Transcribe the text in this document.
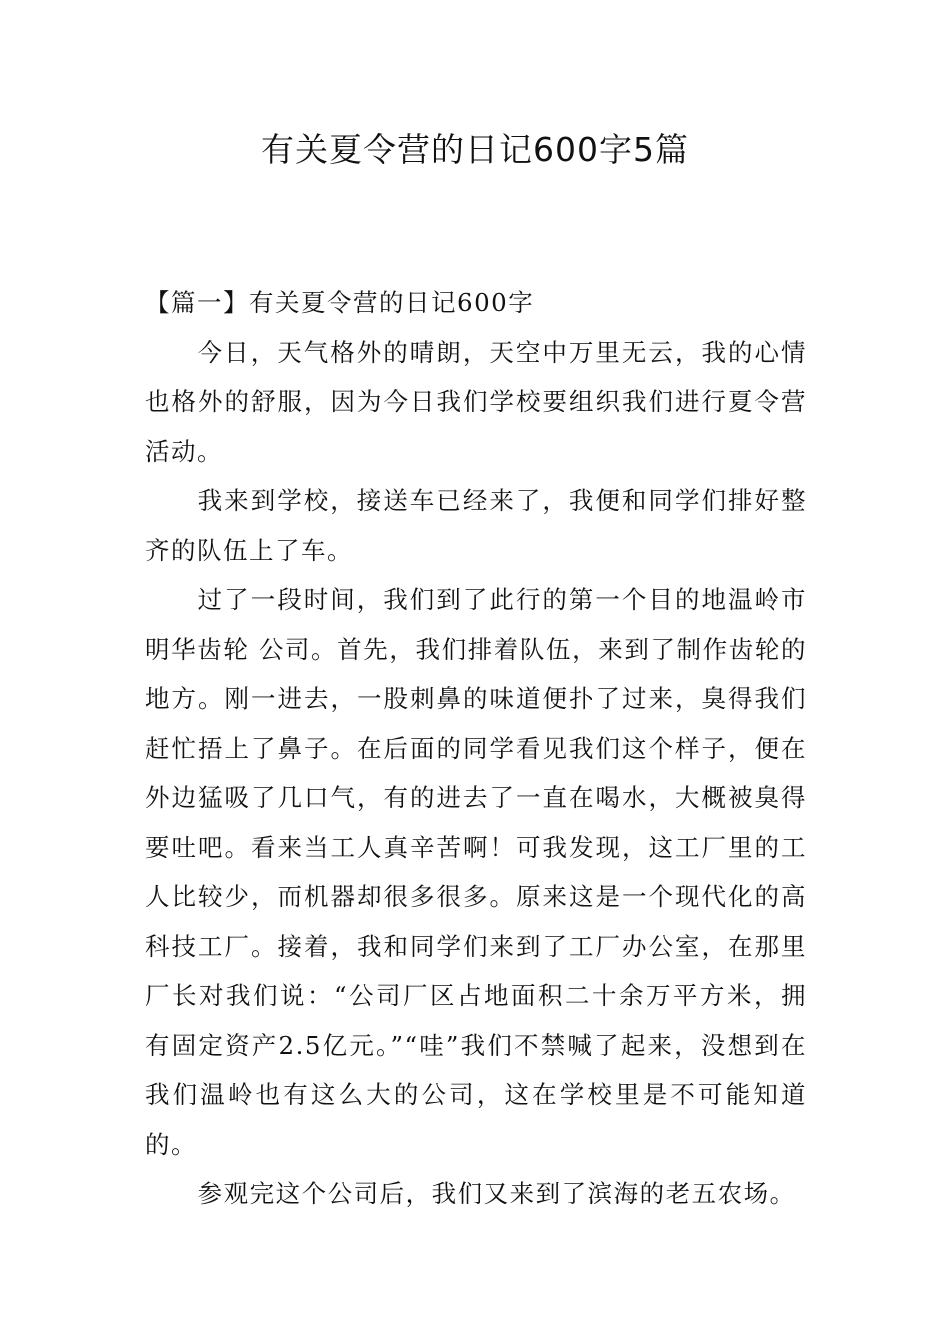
有关夏令营的日记600字5篇

【篇一】有关夏令营的日记600字

今日，天气格外的晴朗，天空中万里无云，我的心情也格外的舒服，因为今日我们学校要组织我们进行夏令营活动。

我来到学校，接送车已经来了，我便和同学们排好整齐的队伍上了车。

过了一段时间，我们到了此行的第一个目的地温岭市明华齿轮 公司。首先，我们排着队伍，来到了制作齿轮的地方。刚一进去，一股刺鼻的味道便扑了过来，臭得我们赶忙捂上了鼻子。在后面的同学看见我们这个样子，便在外边猛吸了几口气，有的进去了一直在喝水，大概被臭得要吐吧。看来当工人真辛苦啊！可我发现，这工厂里的工人比较少，而机器却很多很多。原来这是一个现代化的高科技工厂。接着，我和同学们来到了工厂办公室，在那里厂长对我们说：“公司厂区占地面积二十余万平方米，拥有固定资产2.5亿元。”“哇”我们不禁喊了起来，没想到在我们温岭也有这么大的公司，这在学校里是不可能知道的。

参观完这个公司后，我们又来到了滨海的老五农场。
